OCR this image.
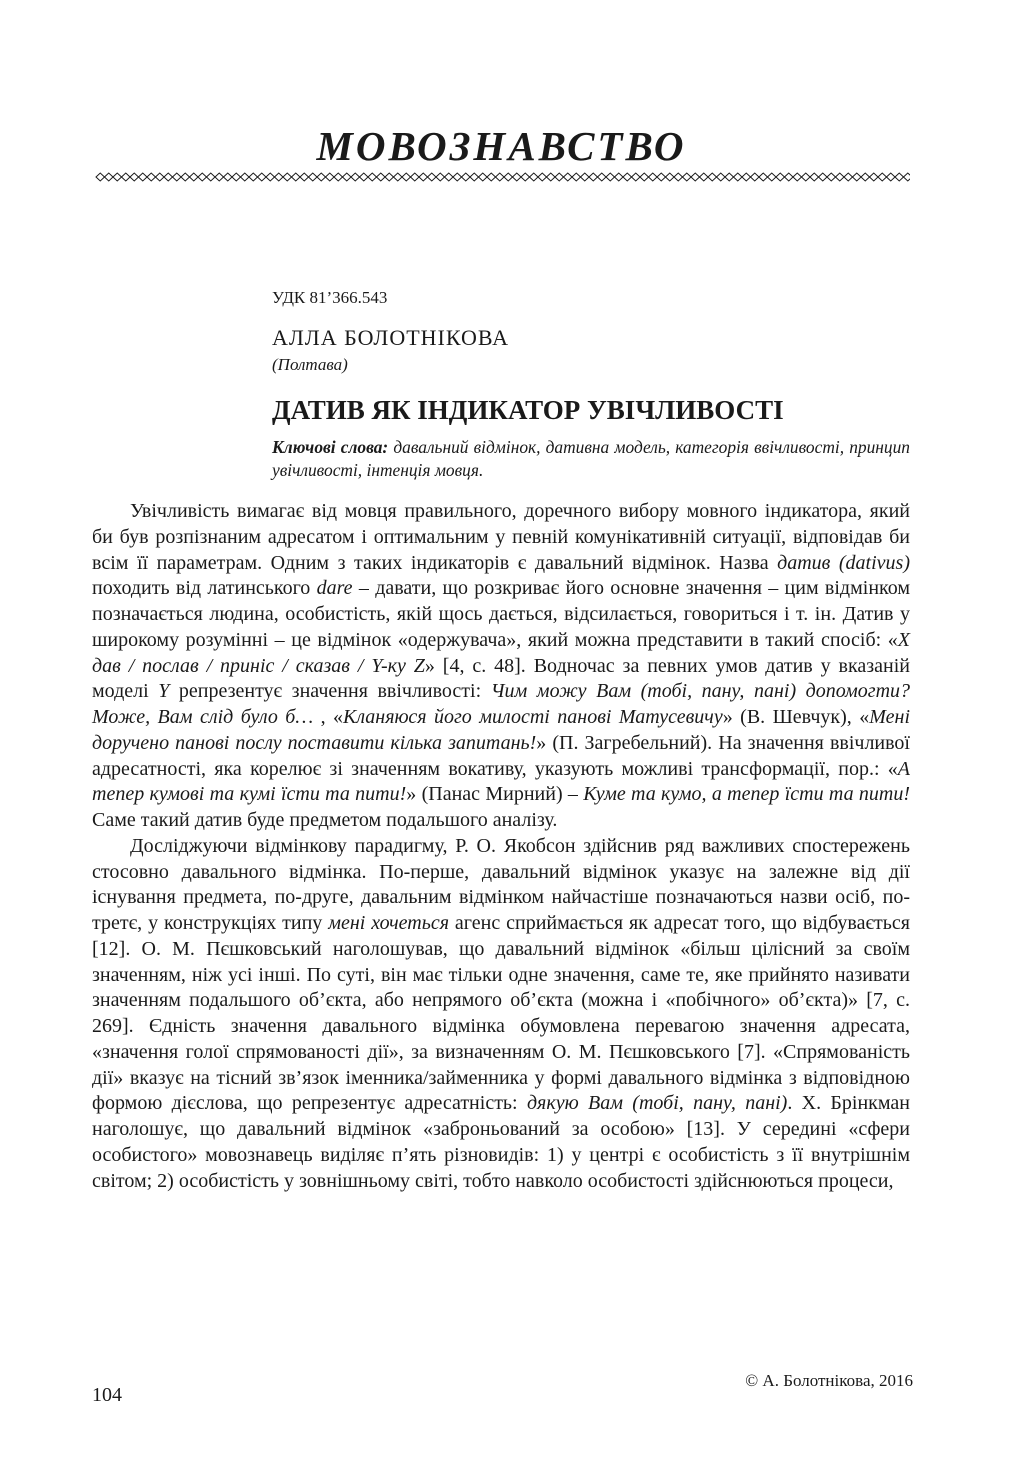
МОВОЗНАВСТВО

УДК 81’366.543

АЛЛА БОЛОТНІКОВА

(Полтава)

ДАТИВ ЯК ІНДИКАТОР УВІЧЛИВОСТІ

Ключові слова: давальний відмінок, дативна модель, категорія ввічливості, принцип увічливості, інтенція мовця.

Увічливість вимагає від мовця правильного, доречного вибору мовного індикатора, який би був розпізнаним адресатом і оптимальним у певній комунікативній ситуації, відповідав би всім її параметрам. Одним з таких індикаторів є давальний відмінок. Назва датив (dativus) походить від латинського dare – давати, що розкриває його основне значення – цим відмінком позначається людина, особистість, якій щось дається, відсилається, говориться і т. ін. Датив у широкому розумінні – це відмінок «одержувача», який можна представити в такий спосіб: «X дав / послав / приніс / сказав / Y-ку Z» [4, с. 48]. Водночас за певних умов датив у вказаній моделі Y репрезентує значення ввічливості: Чим можу Вам (тобі, пану, пані) допомогти? Може, Вам слід було б… , «Кланяюся його милості панові Матусевичу» (В. Шевчук), «Мені доручено панові послу поставити кілька запитань!» (П. Загребельний). На значення ввічливої адресатності, яка корелює зі значенням вокативу, указують можливі трансформації, пор.: «А тепер кумові та кумі їсти та пити!» (Панас Мирний) – Куме та кумо, а тепер їсти та пити! Саме такий датив буде предметом подальшого аналізу.

Досліджуючи відмінкову парадигму, Р. О. Якобсон здійснив ряд важливих спостережень стосовно давального відмінка. По-перше, давальний відмінок указує на залежне від дії існування предмета, по-друге, давальним відмінком найчастіше позначаються назви осіб, по-третє, у конструкціях типу мені хочеться агенс сприймається як адресат того, що відбувається [12]. О. М. Пєшковський наголошував, що давальний відмінок «більш цілісний за своїм значенням, ніж усі інші. По суті, він має тільки одне значення, саме те, яке прийнято називати значенням подальшого об’єкта, або непрямого об’єкта (можна і «побічного» об’єкта)» [7, с. 269]. Єдність значення давального відмінка обумовлена перевагою значення адресата, «значення голої спрямованості дії», за визначенням О. М. Пєшковського [7]. «Спрямованість дії» вказує на тісний зв’язок іменника/займенника у формі давального відмінка з відповідною формою дієслова, що репрезентує адресатність: дякую Вам (тобі, пану, пані). Х. Брінкман наголошує, що давальний відмінок «заброньований за особою» [13]. У середині «сфери особистого» мовознавець виділяє п’ять різновидів: 1) у центрі є особистість з її внутрішнім світом; 2) особистість у зовнішньому світі, тобто навколо особистості здійснюються процеси,

104

© А. Болотнікова, 2016
